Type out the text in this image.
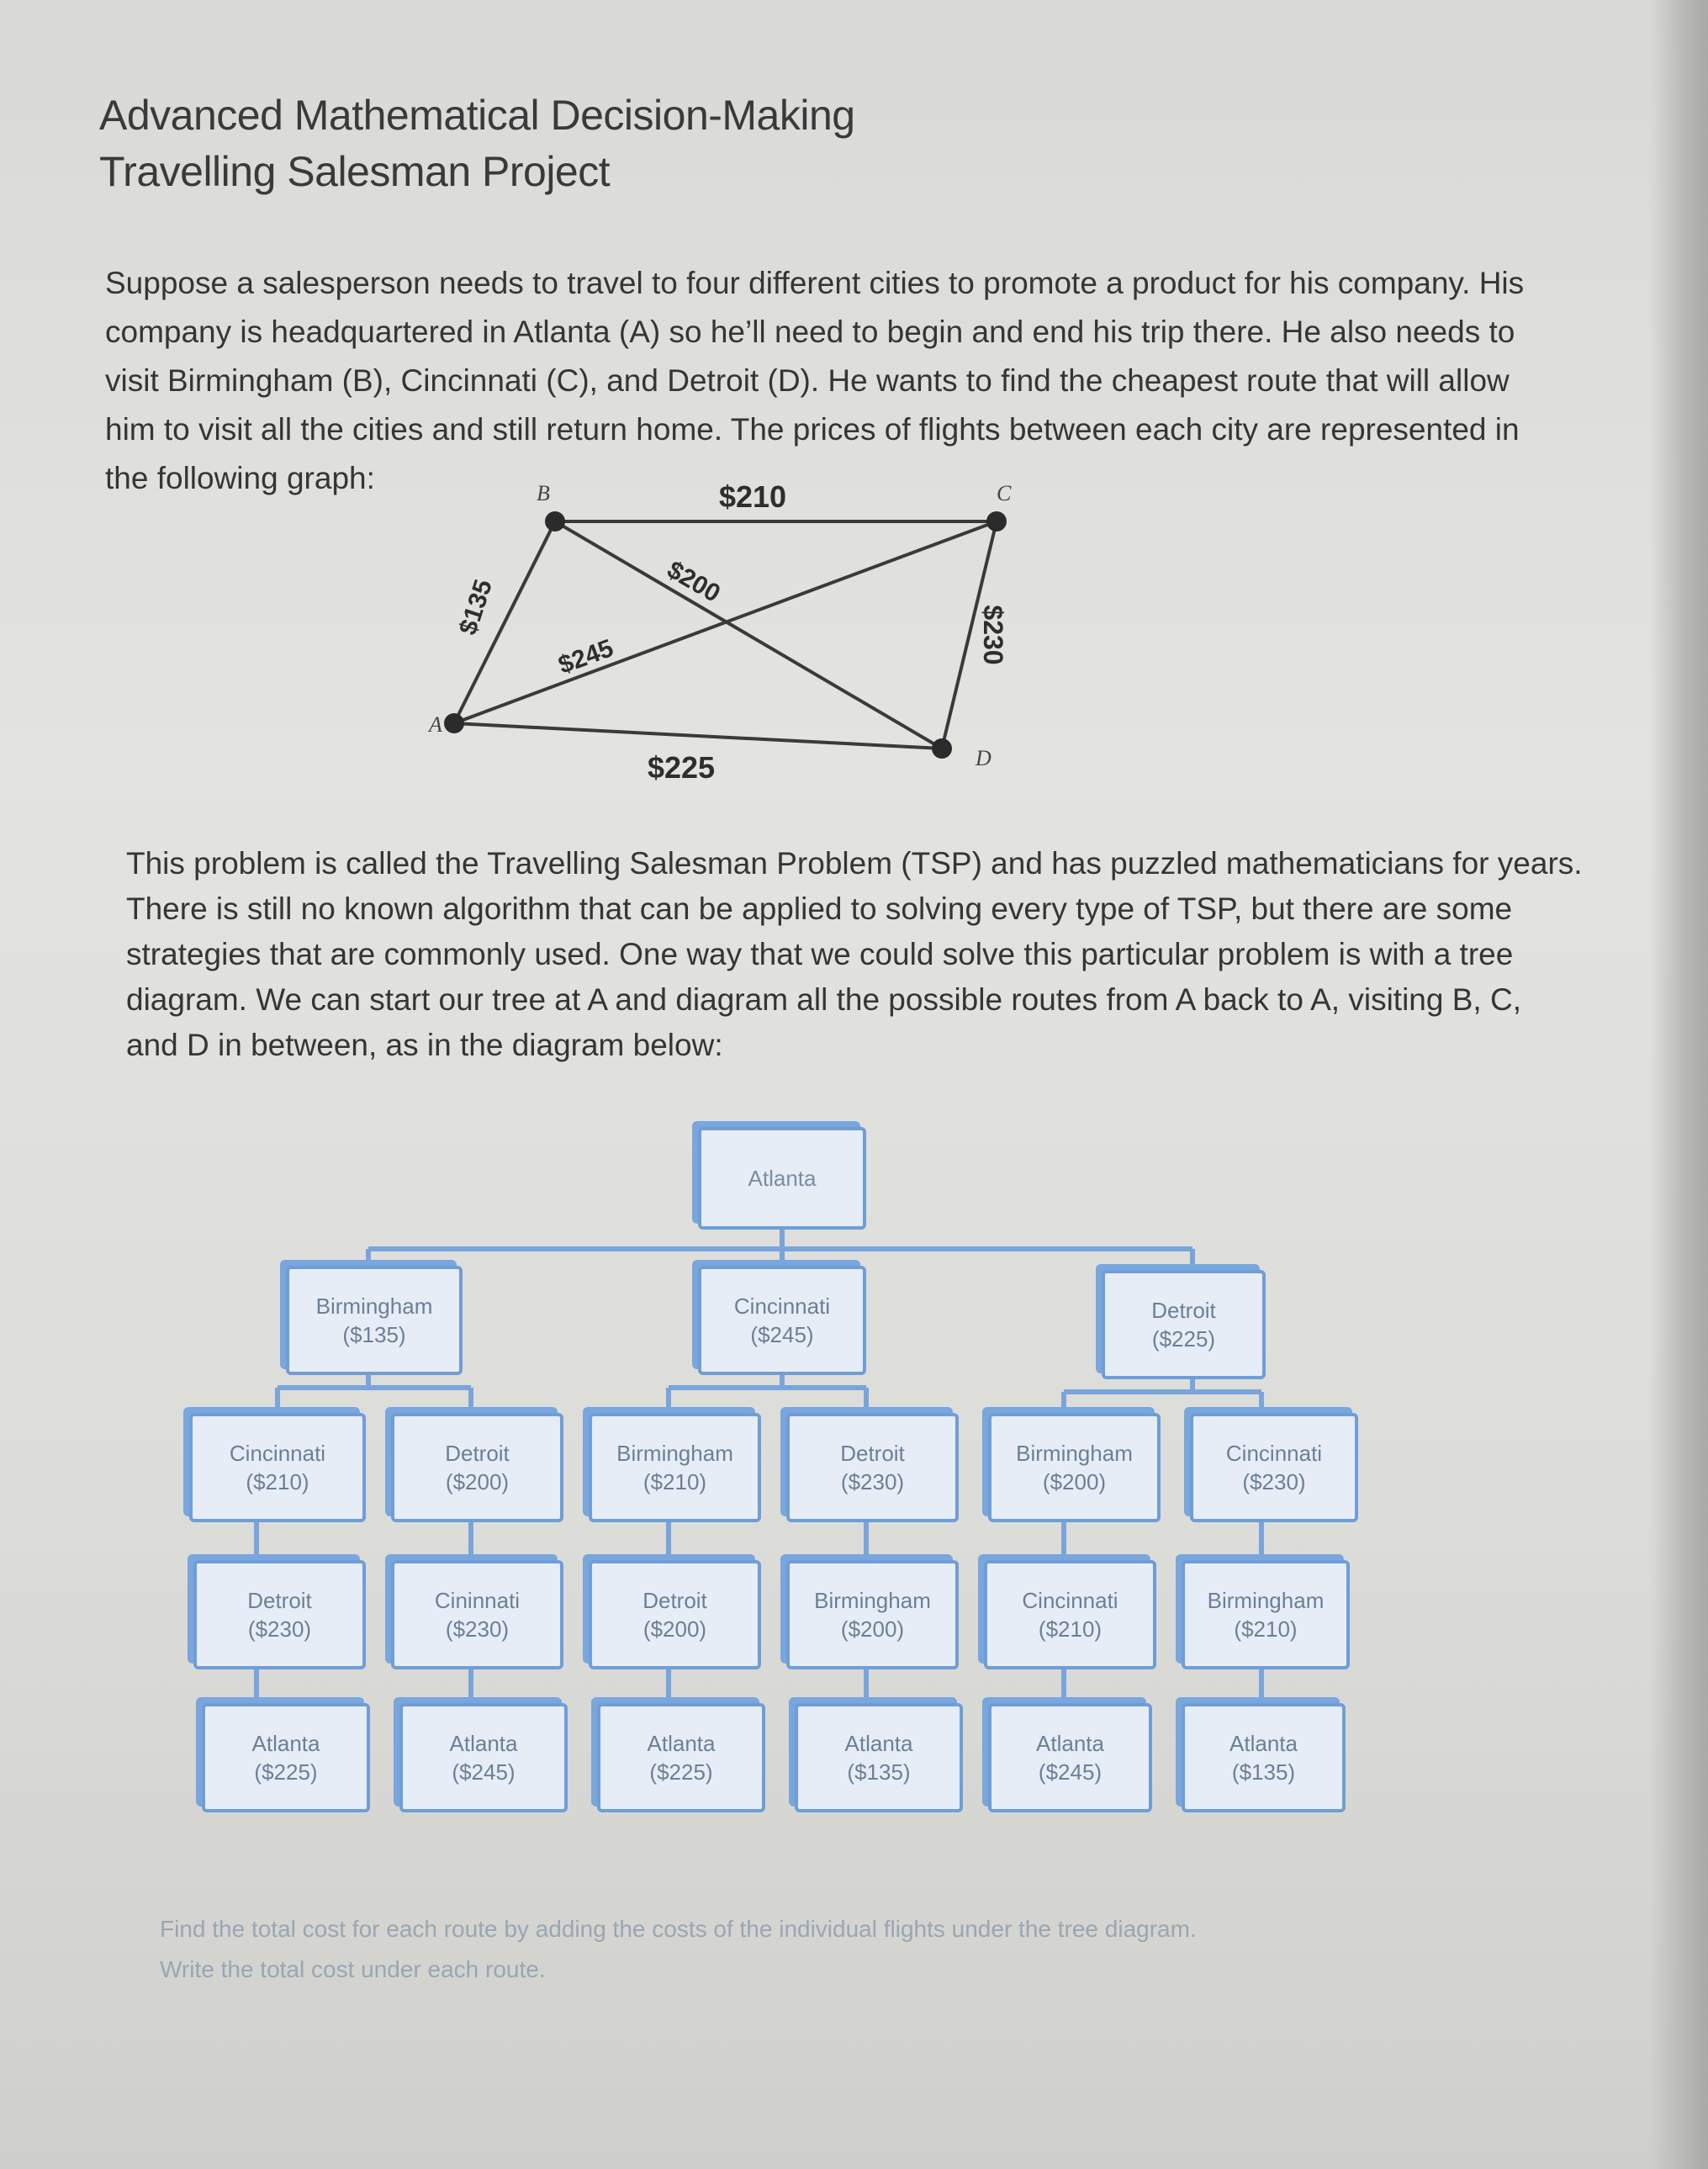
Advanced Mathematical Decision-Making
Travelling Salesman Project

Suppose a salesperson needs to travel to four different cities to promote a product for his company. His

company is headquartered in Atlanta (A) so he’ll need to begin and end his trip there. He also needs to

visit Birmingham (B), Cincinnati (C), and Detroit (D). He wants to find the cheapest route that will allow

him to visit all the cities and still return home. The prices of flights between each city are represented in

the following graph:

A
B	C
D
$210
$135	$200
$245
$225
$230

This problem is called the Travelling Salesman Problem (TSP) and has puzzled mathematicians for years.

There is still no known algorithm that can be applied to solving every type of TSP, but there are some

strategies that are commonly used. One way that we could solve this particular problem is with a tree

diagram. We can start our tree at A and diagram all the possible routes from A back to A, visiting B, C,

and D in between, as in the diagram below:

Atlanta
Birmingham
($135)
Cincinnati
($245)
Detroit
($225)
Cincinnati
($210)
Detroit
($200)
Birmingham
($210)
Detroit
($230)
Birmingham
($200)
Cincinnati
($230)
Detroit
($230)
Cininnati
($230)
Detroit
($200)
Birmingham
($200)
Cincinnati
($210)
Birmingham
($210)
Atlanta
($225)
Atlanta
($245)
Atlanta
($225)
Atlanta
($135)
Atlanta
($245)
Atlanta
($135)

Find the total cost for each route by adding the costs of the individual flights under the tree diagram.

Write the total cost under each route.
